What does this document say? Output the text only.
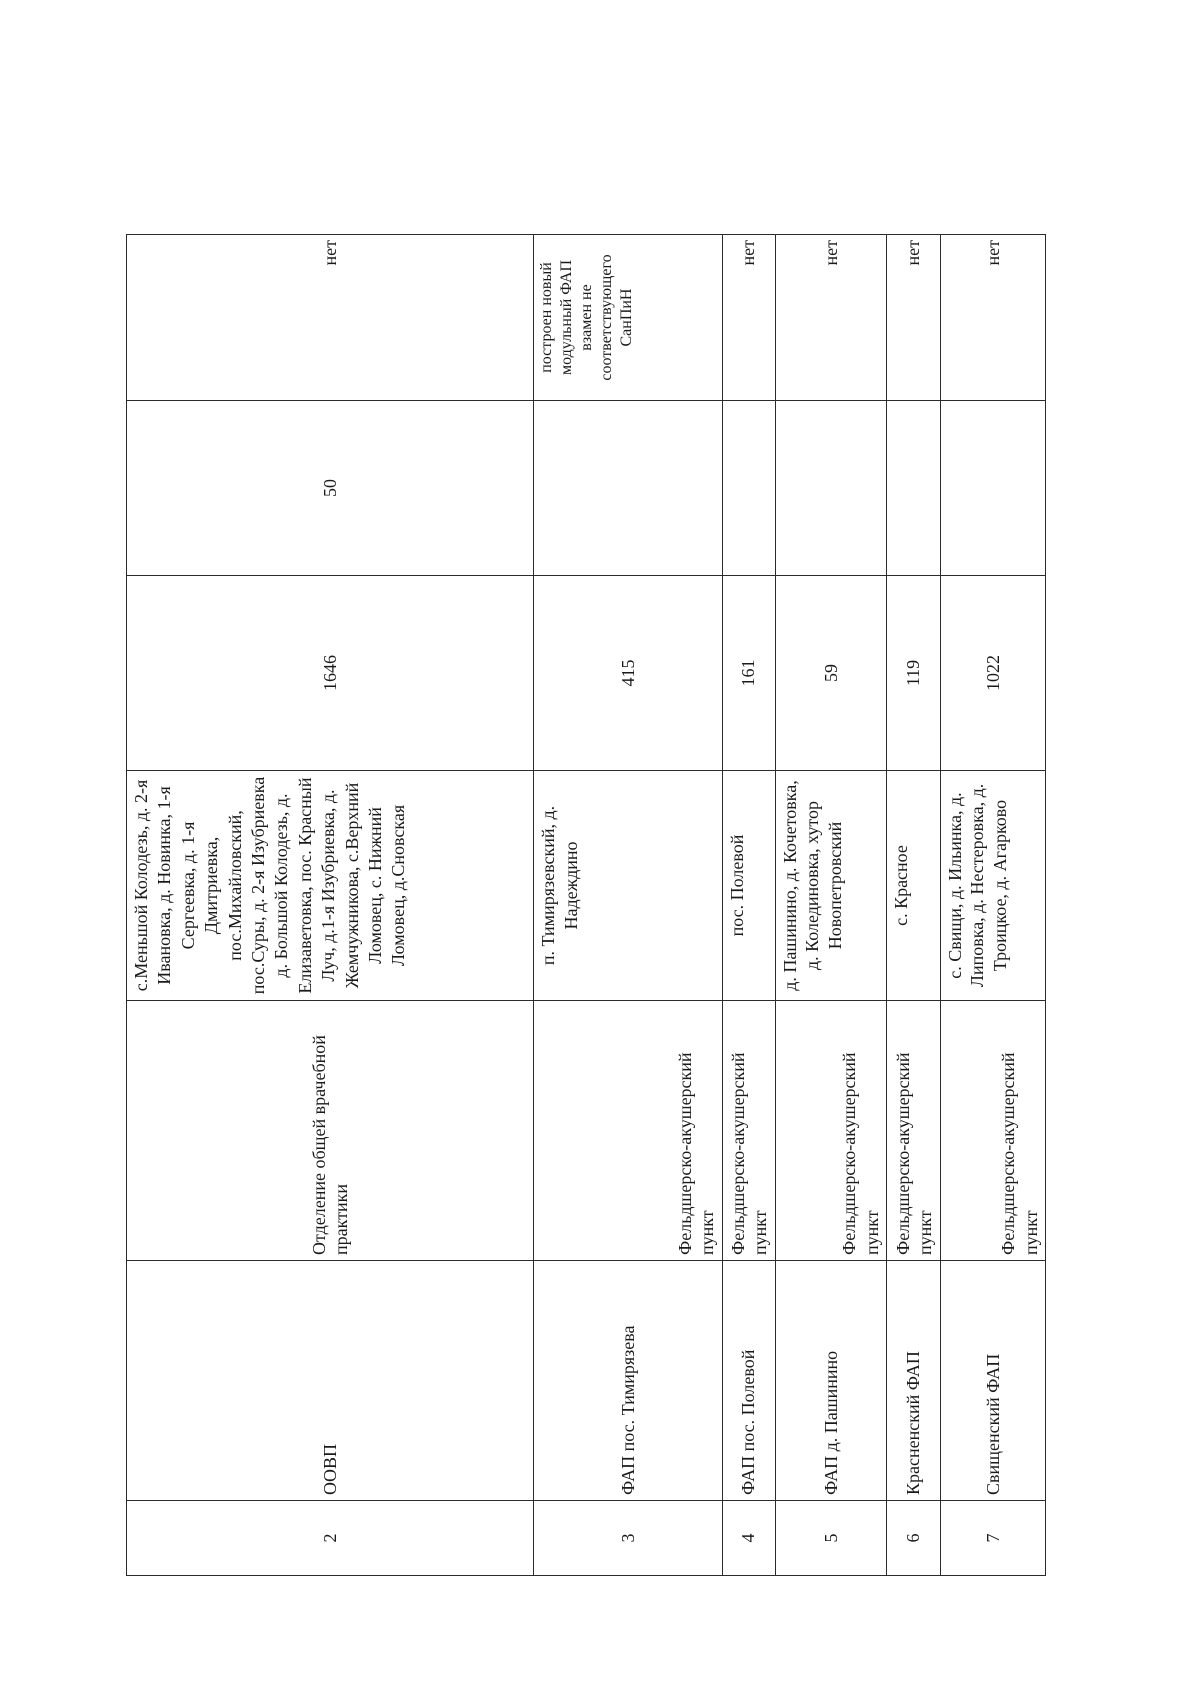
2	ООВП	Отделение общей врачебной практики	с.Меньшой Колодезь, д. 2-я Ивановка, д. Новинка, 1-я Сергеевка, д. 1-я Дмитриевка, пос.Михайловский, пос.Суры, д. 2-я Изубриевка д. Большой Колодезь, д. Елизаветовка, пос. Красный Луч, д.1-я Изубриевка, д. Жемчужникова, с.Верхний Ломовец, с. Нижний Ломовец, д.Сновская	1646	50	нет
3	ФАП пос. Тимирязева	Фельдшерско-акушерский пункт	п. Тимирязевский, д. Надеждино	415		построен новый модульный ФАП взамен не соответствующего СанПиН
4	ФАП пос. Полевой	Фельдшерско-акушерский пункт	пос. Полевой	161		нет
5	ФАП д. Пашинино	Фельдшерско-акушерский пункт	д. Пашинино, д. Кочетовка, д. Колединовка, хутор Новопетровский	59		нет
6	Красненский ФАП	Фельдшерско-акушерский пункт	с. Красное	119		нет
7	Свищенский ФАП	Фельдшерско-акушерский пункт	с. Свищи, д. Ильинка, д. Липовка, д. Нестеровка, д. Троицкое, д. Агарково	1022		нет
